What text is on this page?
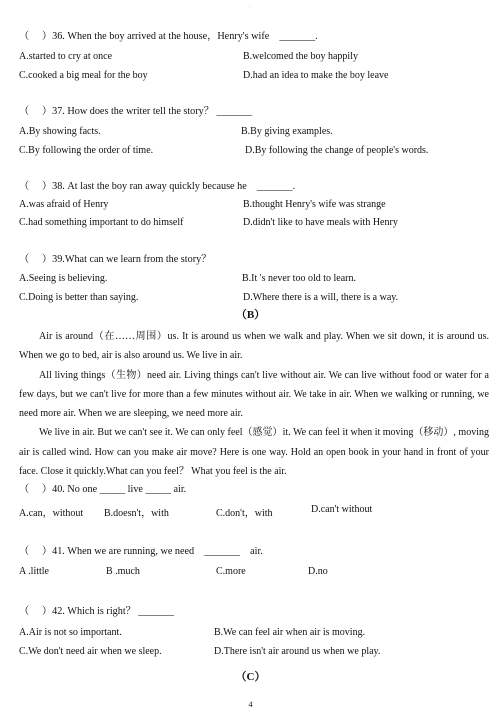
·
（　 ）36. When the boy arrived at the house，Henry's wife　_______.
A.started to cry at once	B.welcomed the boy happily
C.cooked a big meal for the boy	D.had an idea to make the boy leave
（　 ）37. How does the writer tell the story？ _______
A.By showing facts.	B.By giving examples.
C.By following the order of time.	D.By following the change of people's words.
（　 ）38. At last the boy ran away quickly because he　_______.
A.was afraid of Henry	B.thought Henry's wife was strange
C.had something important to do himself	D.didn't like to have meals with Henry
（　 ）39.What can we learn from the story？
A.Seeing is believing.	B.It 's never too old to learn.
C.Doing is better than saying.	D.Where there is a will, there is a way.
（B）

Air is around（在……周围）us. It is around us when we walk and play. When we sit down, it is around us. When we go to bed, air is also around us. We live in air.

All living things（生物）need air. Living things can't live without air. We can live without food or water for a few days, but we can't live for more than a few minutes without air. We take in air. When we walking or running, we need more air. When we are sleeping, we need more air.

We live in air. But we can't see it. We can only feel（感觉）it. We can feel it when it moving（移动）, moving air is called wind. How can you make air move? Here is one way. Hold an open book in your hand in front of your face. Close it quickly.What can you feel？ What you feel is the air.

（　 ）40. No one _____ live _____ air.
A.can，without B.doesn't，with	C.don't，with	D.can't without
（　 ）41. When we are running, we need　_______　air.
A .little	B .much	C.more	D.no
（　 ）42. Which is right？ _______
A.Air is not so important.	B.We can feel air when air is moving.
C.We don't need air when we sleep.	D.There isn't air around us when we play.
（C）
4
